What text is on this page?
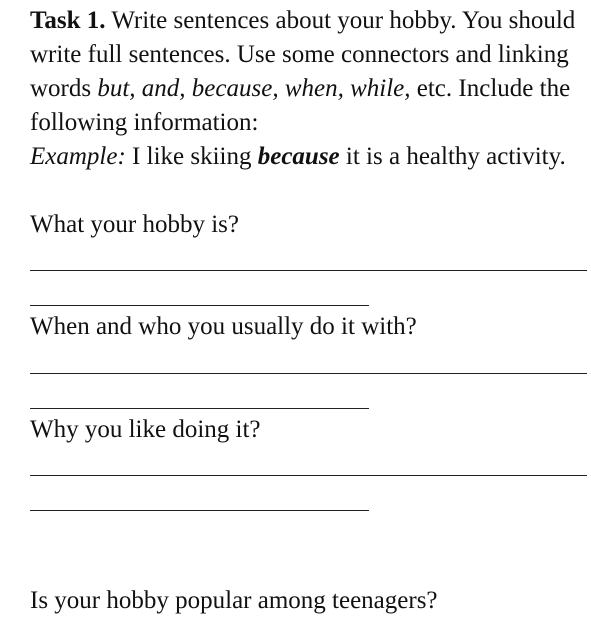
Task 1. Write sentences about your hobby. You should write full sentences. Use some connectors and linking words but, and, because, when, while, etc. Include the following information:
Example: I like skiing because it is a healthy activity.

What your hobby is?
When and who you usually do it with?
Why you like doing it?
Is your hobby popular among teenagers?
